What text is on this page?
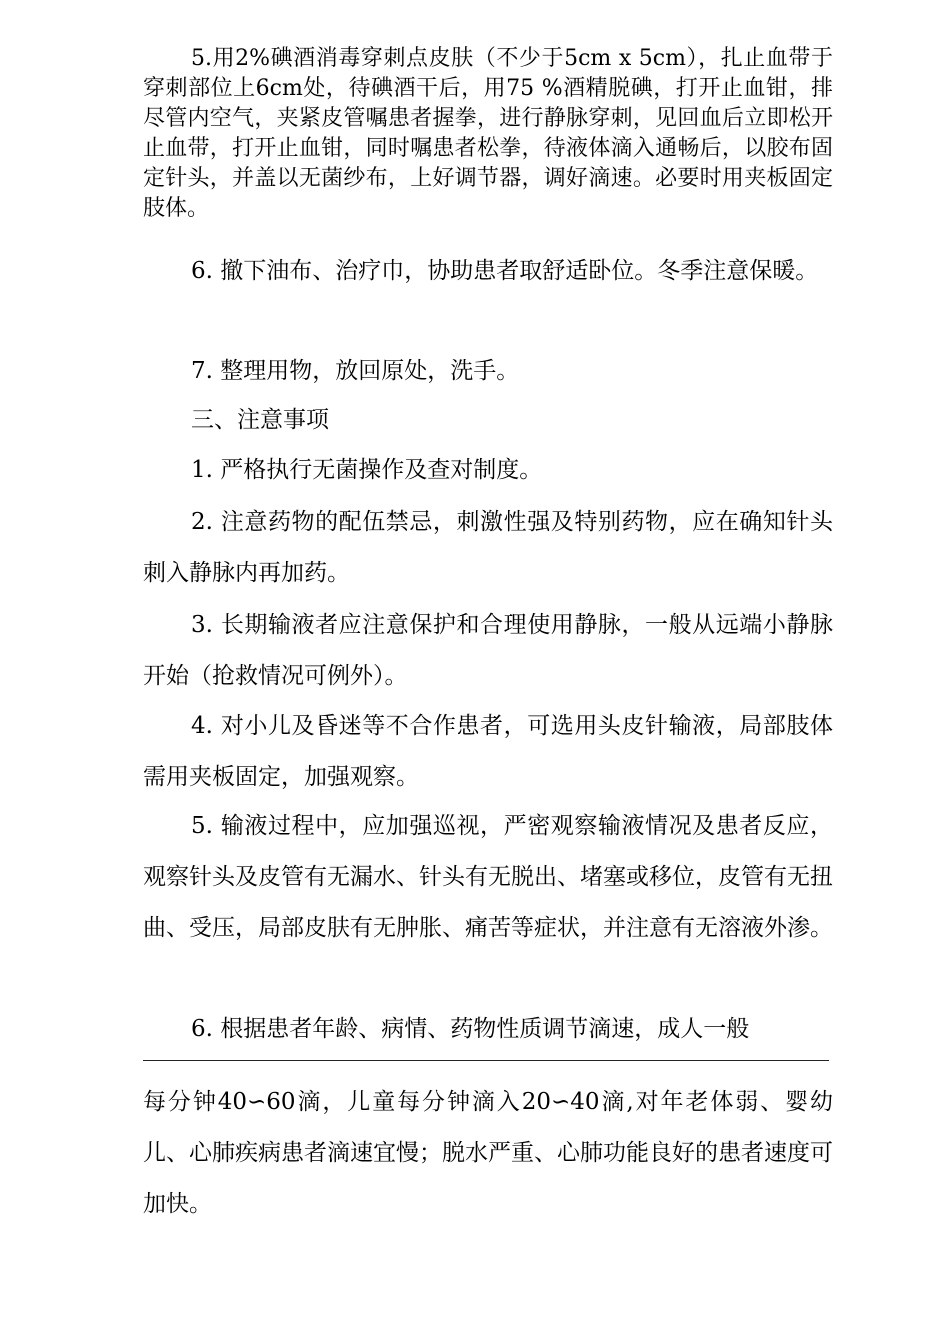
5.用2%碘酒消毒穿刺点皮肤（不少于5cm x 5cm），扎止血带于穿刺部位上6cm处，待碘酒干后，用75 %酒精脱碘，打开止血钳，排尽管内空气，夹紧皮管嘱患者握拳，进行静脉穿刺，见回血后立即松开止血带，打开止血钳，同时嘱患者松拳，待液体滴入通畅后，以胶布固定针头，并盖以无菌纱布，上好调节器，调好滴速。必要时用夹板固定肢体。

6. 撤下油布、治疗巾，协助患者取舒适卧位。冬季注意保暖。

7. 整理用物，放回原处，洗手。

三、注意事项

1. 严格执行无菌操作及查对制度。

2. 注意药物的配伍禁忌，刺激性强及特别药物，应在确知针头刺入静脉内再加药。

3. 长期输液者应注意保护和合理使用静脉，一般从远端小静脉开始（抢救情况可例外）。

4. 对小儿及昏迷等不合作患者，可选用头皮针输液，局部肢体需用夹板固定，加强观察。

5. 输液过程中，应加强巡视，严密观察输液情况及患者反应，观察针头及皮管有无漏水、针头有无脱出、堵塞或移位，皮管有无扭曲、受压，局部皮肤有无肿胀、痛苦等症状，并注意有无溶液外渗。

6. 根据患者年龄、病情、药物性质调节滴速，成人一般

每分钟40∽60滴，儿童每分钟滴入20∽40滴,对年老体弱、婴幼儿、心肺疾病患者滴速宜慢；脱水严重、心肺功能良好的患者速度可加快。
